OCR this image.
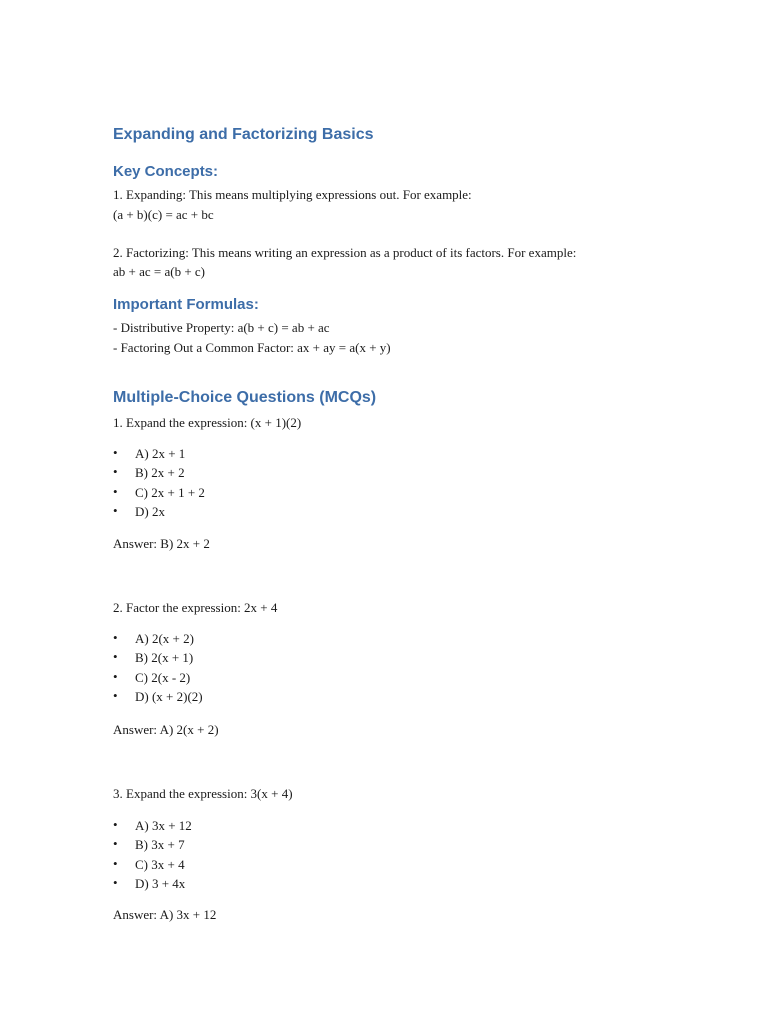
Expanding and Factorizing Basics
Key Concepts:

1. Expanding: This means multiplying expressions out. For example:

(a + b)(c) = ac + bc

2. Factorizing: This means writing an expression as a product of its factors. For example:

ab + ac = a(b + c)

Important Formulas:

- Distributive Property: a(b + c) = ab + ac

- Factoring Out a Common Factor: ax + ay = a(x + y)

Multiple-Choice Questions (MCQs)

1. Expand the expression: (x + 1)(2)

• A) 2x + 1
• B) 2x + 2
• C) 2x + 1 + 2
• D) 2x

Answer: B) 2x + 2

2. Factor the expression: 2x + 4

• A) 2(x + 2)
• B) 2(x + 1)
• C) 2(x - 2)
• D) (x + 2)(2)

Answer: A) 2(x + 2)

3. Expand the expression: 3(x + 4)

• A) 3x + 12
• B) 3x + 7
• C) 3x + 4
• D) 3 + 4x

Answer: A) 3x + 12
